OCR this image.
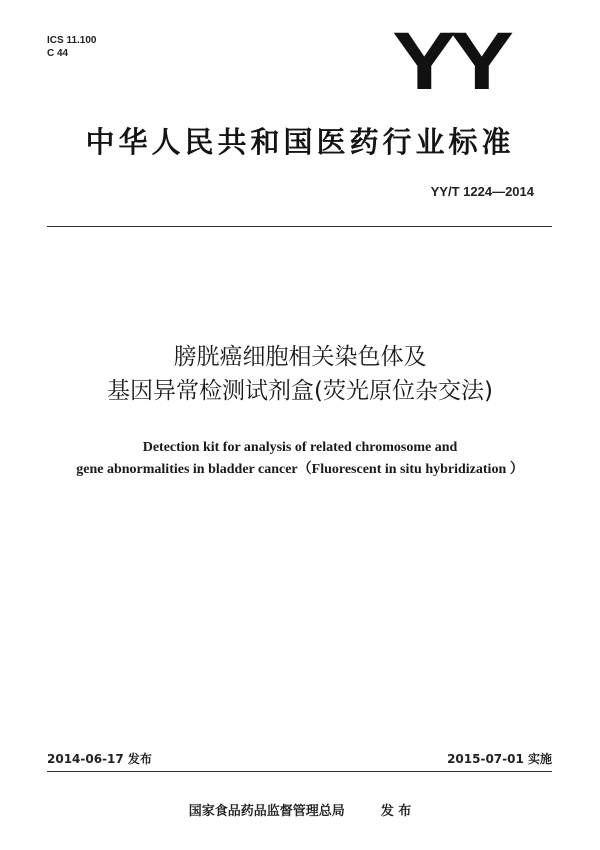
ICS 11.100
C 44	YY
中华人民共和国医药行业标准
YY/T 1224—2014
膀胱癌细胞相关染色体及
基因异常检测试剂盒(荧光原位杂交法)
Detection kit for analysis of related chromosome and
gene abnormalities in bladder cancer（Fluorescent in situ hybridization ）
2014-06-17 发布	2015-07-01 实施
国家食品药品监督管理总局	发 布
